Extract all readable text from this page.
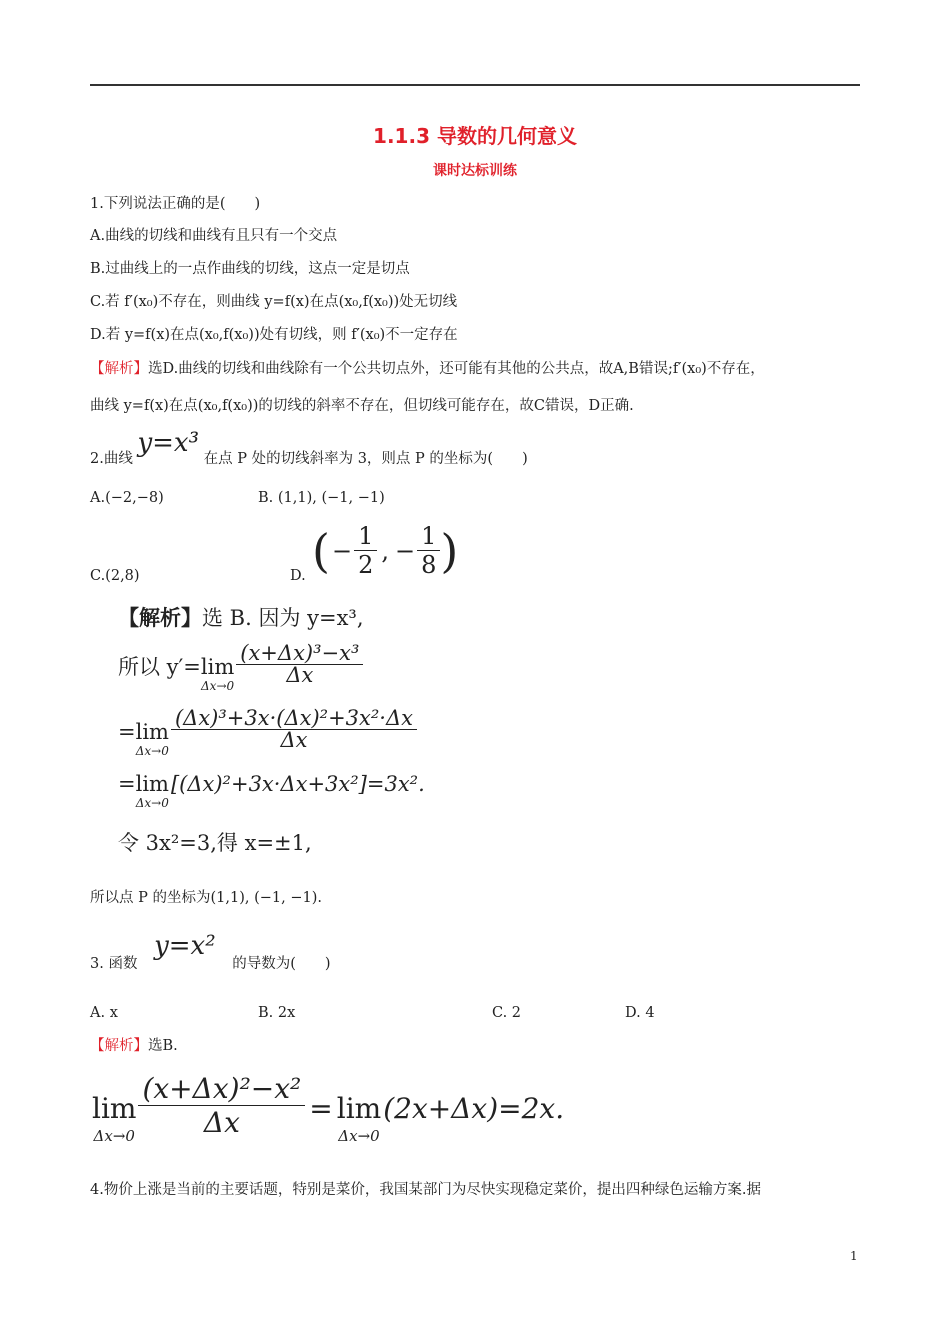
1.1.3 导数的几何意义
课时达标训练
1.下列说法正确的是(　　)
A.曲线的切线和曲线有且只有一个交点
B.过曲线上的一点作曲线的切线，这点一定是切点
C.若 f′(x₀)不存在，则曲线 y=f(x)在点(x₀,f(x₀))处无切线
D.若 y=f(x)在点(x₀,f(x₀))处有切线，则 f′(x₀)不一定存在
【解析】选D.曲线的切线和曲线除有一个公共切点外，还可能有其他的公共点，故A,B错误;f′(x₀)不存在，
曲线 y=f(x)在点(x₀,f(x₀))的切线的斜率不存在，但切线可能存在，故C错误，D正确.
2.曲线 y=x³ 在点 P 处的切线斜率为 3，则点 P 的坐标为(　　)
A.(−2,−8)	B. (1,1), (−1, −1)
C.(2,8)	D. ( − $\frac{1}{2}$ , − $\frac{1}{8}$ )
【解析】选 B. 因为 y=x³,
所以 y′= lim
$\Delta x\to 0 \frac{\text{(x+Δx)³−x³}}{\Delta x}$
= lim
$\Delta x\to 0 \frac{\text{(Δx)³+3x·(Δx)²+3x²·Δx}}{\Delta x}$
= lim
Δx→0
[(Δx)²+3x·Δx+3x²]=3x².
令 3x²=3,得 x=±1,
所以点 P 的坐标为(1,1), (−1, −1).
3. 函数 y=x² 的导数为(　　)
A. x	B. 2x	C. 2	D. 4
【解析】选B.
lim
$\Delta x\to 0 \frac{\text{(x+Δx)²−x²}}{\Delta x} = \lim$
Δx→0
(2x+Δx)=2x.
4.物价上涨是当前的主要话题，特别是菜价，我国某部门为尽快实现稳定菜价，提出四种绿色运输方案.据
1
